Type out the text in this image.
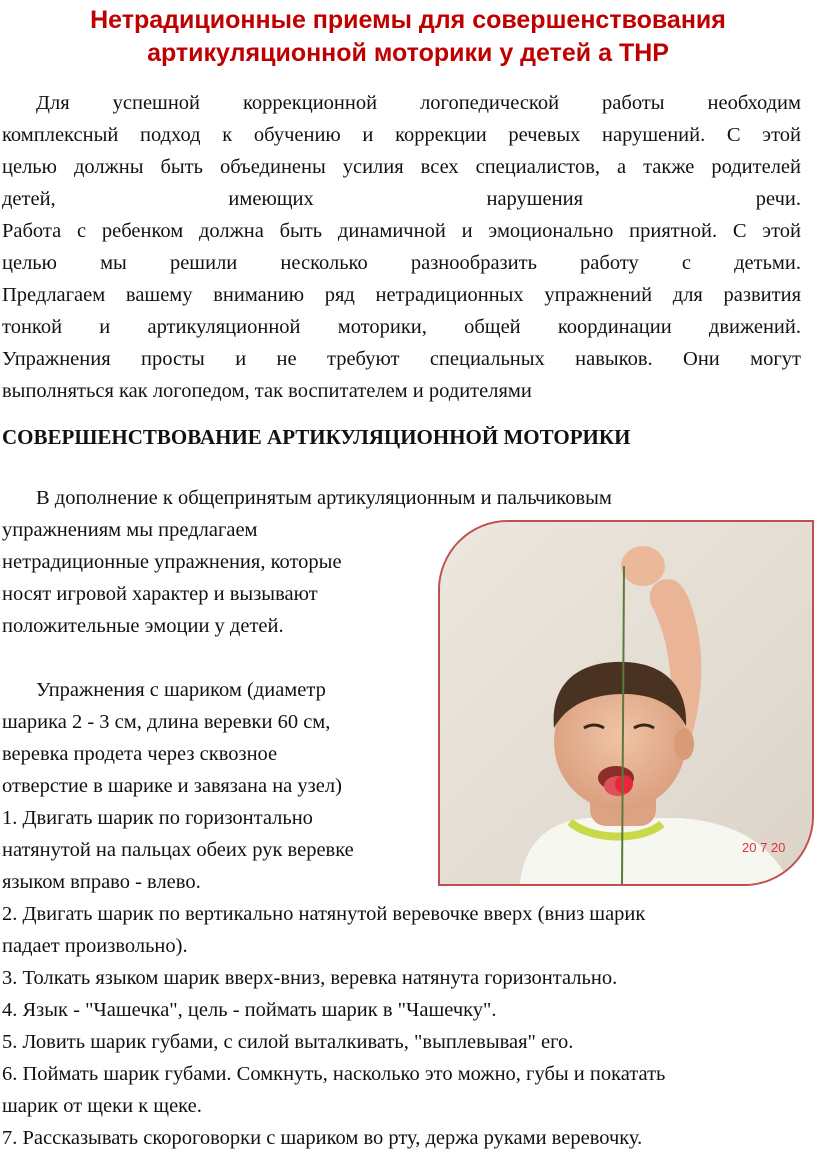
Нетрадиционные приемы для совершенствования
артикуляционной моторики у детей а ТНР
Для успешной коррекционной логопедической работы необходим
комплексный подход к обучению и коррекции речевых нарушений. С этой
целью должны быть объединены усилия всех специалистов, а также родителей
детей, имеющих нарушения речи.
Работа с ребенком должна быть динамичной и эмоционально приятной. С этой
целью мы решили несколько разнообразить работу с детьми.
Предлагаем вашему вниманию ряд нетрадиционных упражнений для развития
тонкой и артикуляционной моторики, общей координации движений.
Упражнения просты и не требуют специальных навыков. Они могут
выполняться как логопедом, так воспитателем и родителями
СОВЕРШЕНСТВОВАНИЕ АРТИКУЛЯЦИОННОЙ МОТОРИКИ
В дополнение к общепринятым артикуляционным и пальчиковым
упражнениям мы предлагаем
нетрадиционные упражнения, которые
носят игровой характер и вызывают
положительные эмоции у детей.
Упражнения с шариком (диаметр
шарика 2 - 3 см, длина веревки 60 см,
веревка продета через сквозное
отверстие в шарике и завязана на узел)
1. Двигать шарик по горизонтально
натянутой на пальцах обеих рук веревке
языком вправо - влево.
20 7 20
2. Двигать шарик по вертикально натянутой веревочке вверх (вниз шарик
падает произвольно).
3. Толкать языком шарик вверх-вниз, веревка натянута горизонтально.
4. Язык - "Чашечка", цель - поймать шарик в "Чашечку".
5. Ловить шарик губами, с силой выталкивать, "выплевывая" его.
6. Поймать шарик губами. Сомкнуть, насколько это можно, губы и покатать
шарик от щеки к щеке.
7. Рассказывать скороговорки с шариком во рту, держа руками веревочку.
